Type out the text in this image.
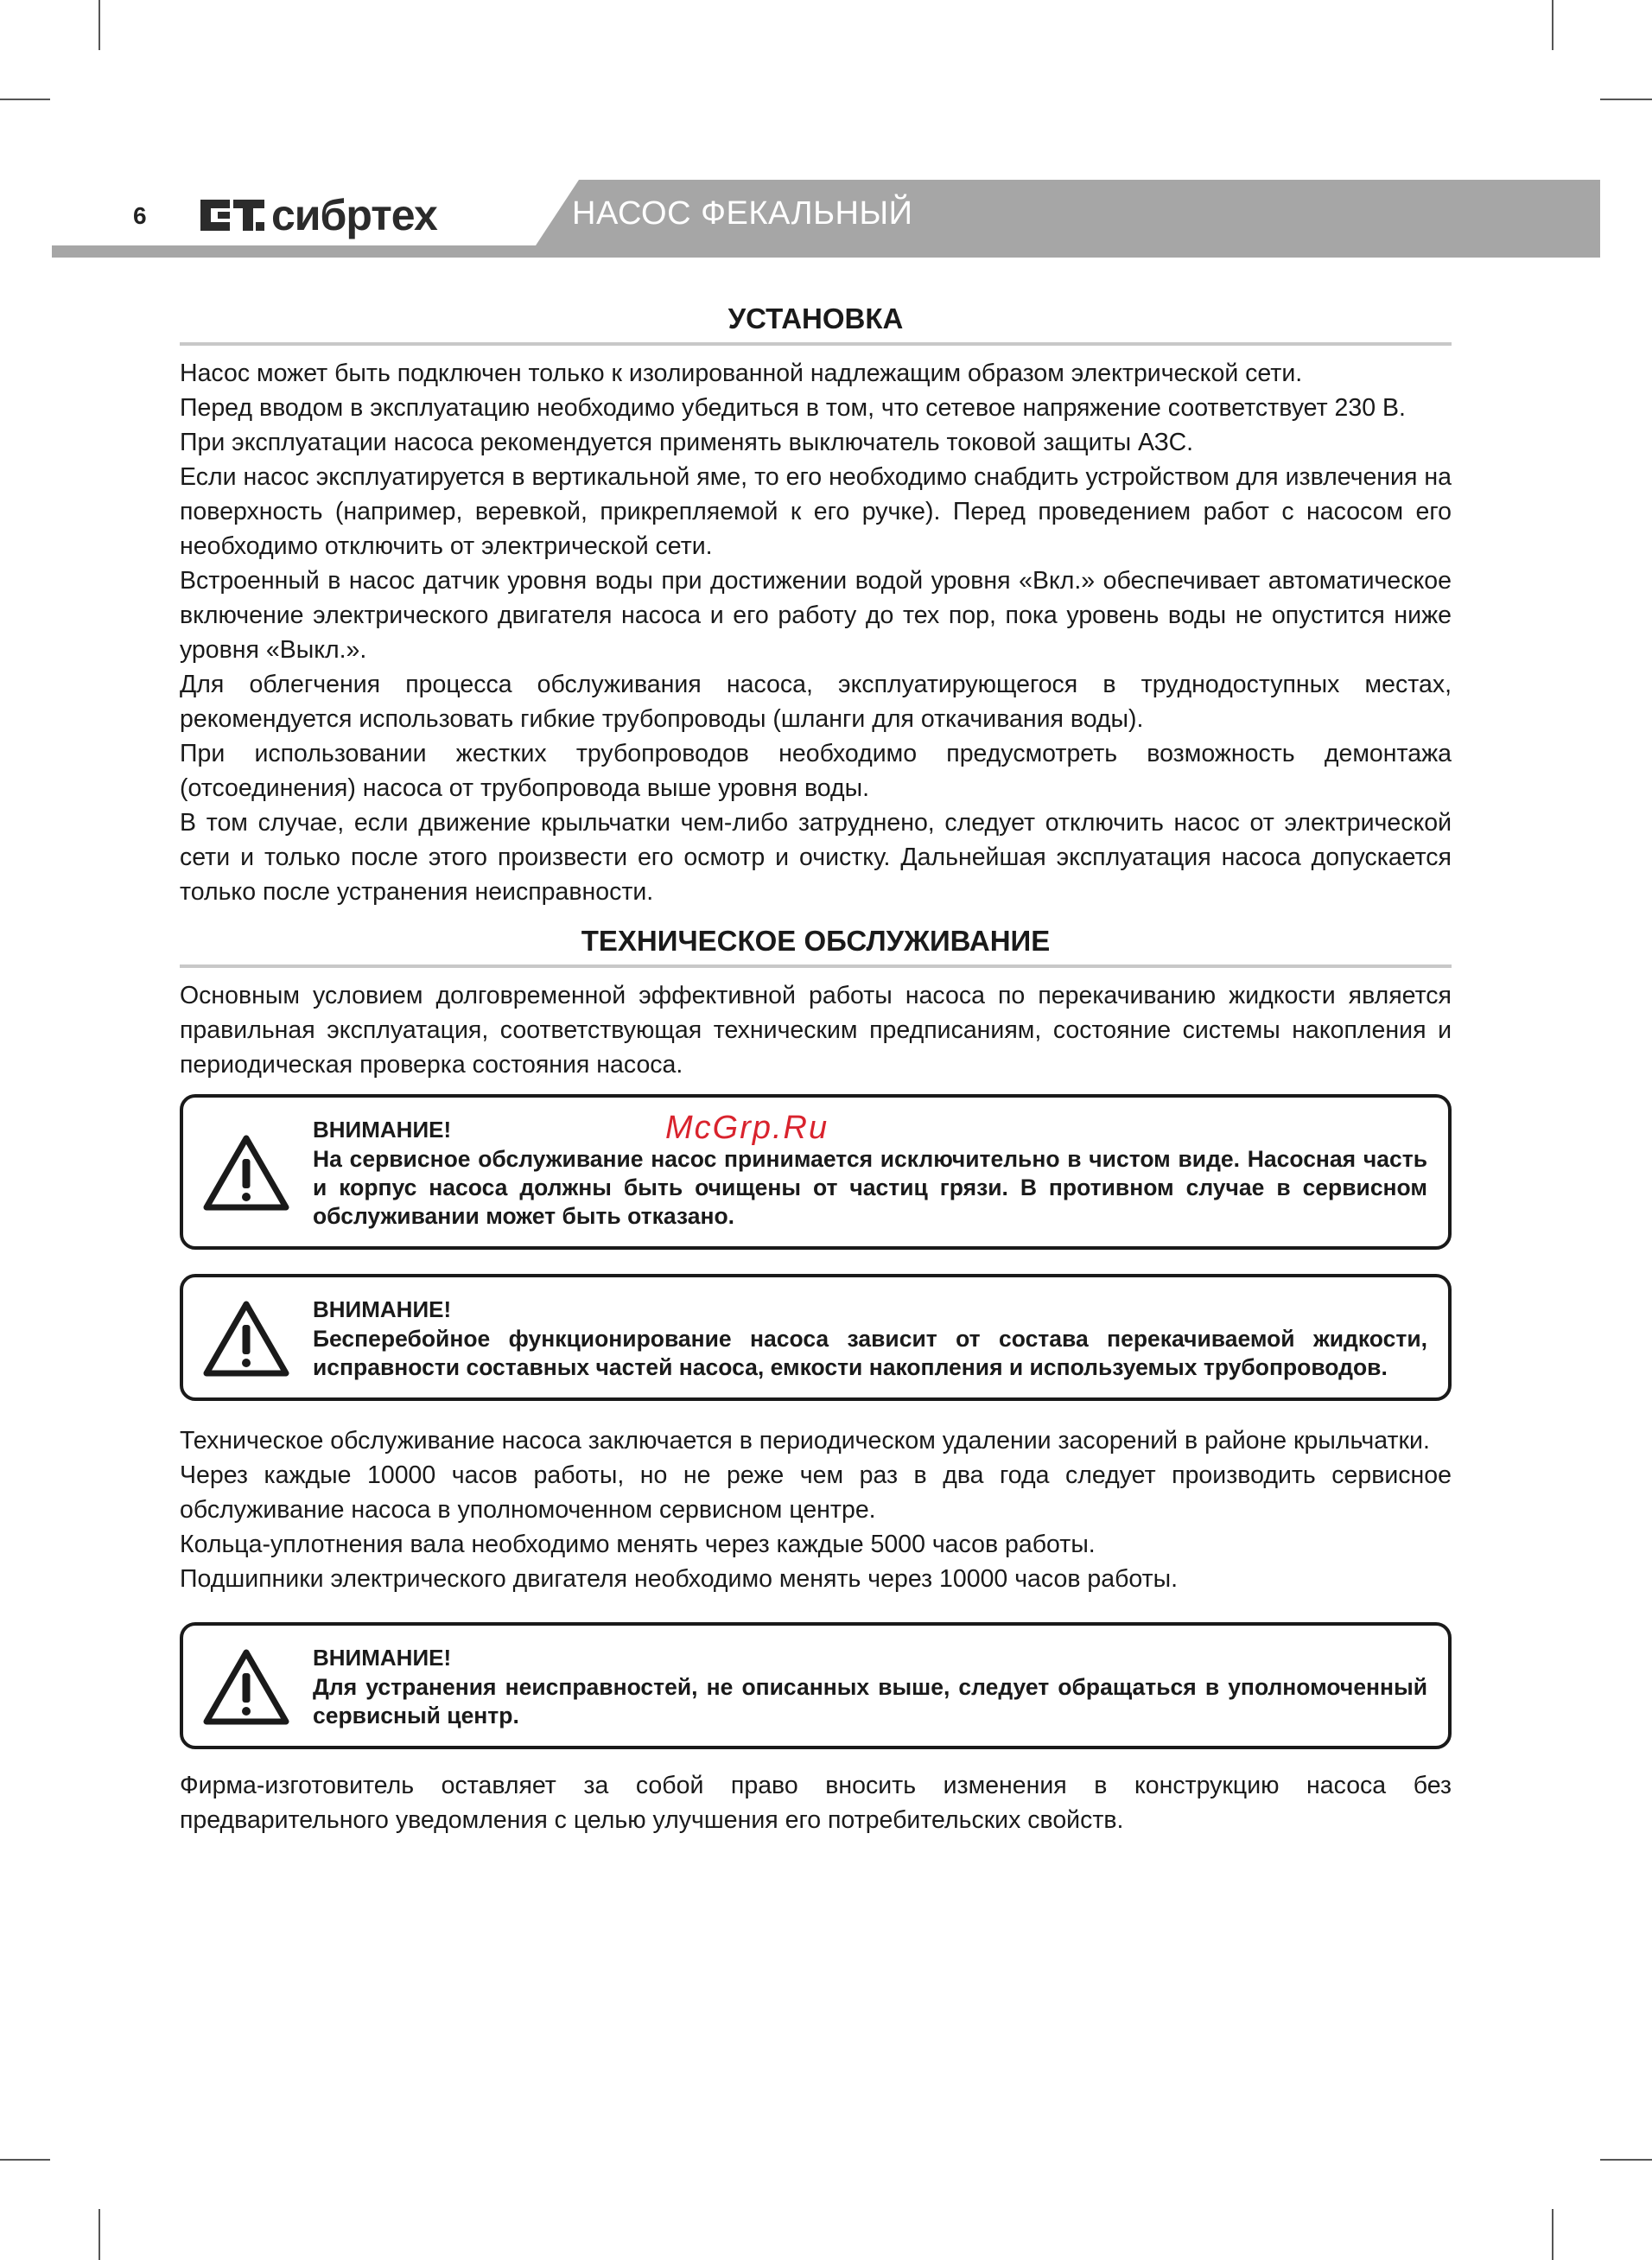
6	сибртех	НАСОС ФЕКАЛЬНЫЙ
McGrp.Ru
УСТАНОВКА

Насос может быть подключен только к изолированной надлежащим образом электрической сети.

Перед вводом в эксплуатацию необходимо убедиться в том, что сетевое напряжение соответствует 230 В.

При эксплуатации насоса рекомендуется применять выключатель токовой защиты АЗС.

Если насос эксплуатируется в вертикальной яме, то его необходимо снабдить устройством для извлечения на поверхность (например, веревкой, прикрепляемой к его ручке). Перед проведением работ с насосом его необходимо отключить от электрической сети.

Встроенный в насос датчик уровня воды при достижении водой уровня «Вкл.» обеспечивает автоматическое включение электрического двигателя насоса и его работу до тех пор, пока уровень воды не опустится ниже уровня «Выкл.».

Для облегчения процесса обслуживания насоса, эксплуатирующегося в труднодоступных местах, рекомендуется использовать гибкие трубопроводы (шланги для откачивания воды).

При использовании жестких трубопроводов необходимо предусмотреть возможность демонтажа (отсоединения) насоса от трубопровода выше уровня воды.

В том случае, если движение крыльчатки чем-либо затруднено, следует отключить насос от электрической сети и только после этого произвести его осмотр и очистку. Дальнейшая эксплуатация насоса допускается только после устранения неисправности.

ТЕХНИЧЕСКОЕ ОБСЛУЖИВАНИЕ

Основным условием долговременной эффективной работы насоса по перекачиванию жидкости является правильная эксплуатация, соответствующая техническим предписаниям, состояние системы накопления и периодическая проверка состояния насоса.

ВНИМАНИЕ!

На сервисное обслуживание насос принимается исключительно в чистом виде. Насосная часть и корпус насоса должны быть очищены от частиц грязи. В противном случае в сервисном обслуживании может быть отказано.

ВНИМАНИЕ!

Бесперебойное функционирование насоса зависит от состава перекачиваемой жидкости, исправности составных частей насоса, емкости накопления и используемых трубопроводов.

Техническое обслуживание насоса заключается в периодическом удалении засорений в районе крыльчатки.

Через каждые 10000 часов работы, но не реже чем раз в два года следует производить сервисное обслуживание насоса в уполномоченном сервисном центре.

Кольца-уплотнения вала необходимо менять через каждые 5000 часов работы.

Подшипники электрического двигателя необходимо менять через 10000 часов работы.

ВНИМАНИЕ!

Для устранения неисправностей, не описанных выше, следует обращаться в уполномоченный сервисный центр.

Фирма-изготовитель оставляет за собой право вносить изменения в конструкцию насоса без предварительного уведомления с целью улучшения его потребительских свойств.
